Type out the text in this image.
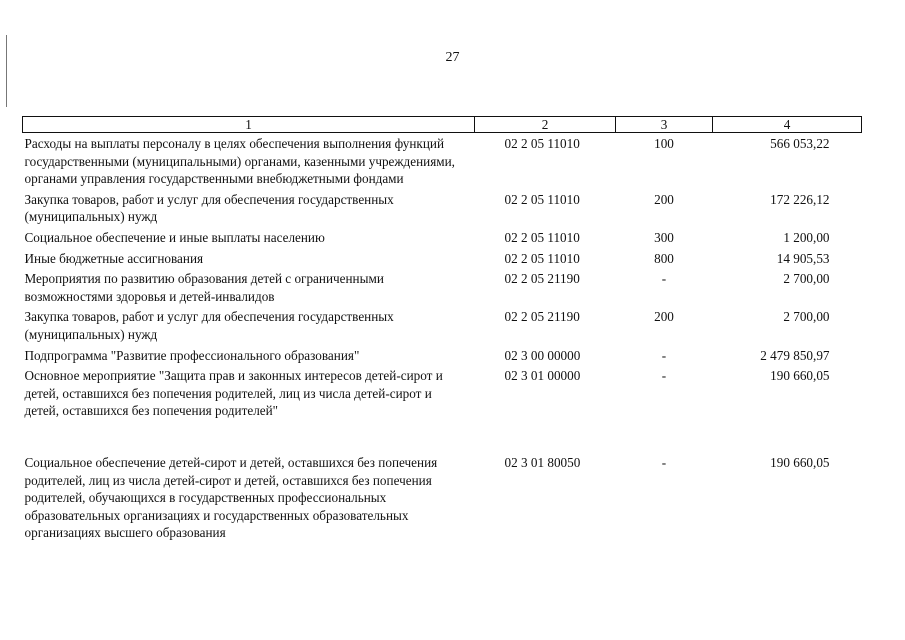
27
1	2	3	4
Расходы на выплаты персоналу в целях обеспечения выполнения функций государственными (муниципальными) органами, казенными учреждениями, органами управления государственными внебюджетными фондами	02 2 05 11010	100	566 053,22
Закупка товаров, работ и услуг для обеспечения государственных (муниципальных) нужд	02 2 05 11010	200	172 226,12
Социальное обеспечение и иные выплаты населению	02 2 05 11010	300	1 200,00
Иные бюджетные ассигнования	02 2 05 11010	800	14 905,53
Мероприятия по развитию образования детей с ограниченными возможностями здоровья и детей-инвалидов	02 2 05 21190	-	2 700,00
Закупка товаров, работ и услуг для обеспечения государственных (муниципальных) нужд	02 2 05 21190	200	2 700,00
Подпрограмма "Развитие профессионального образования"	02 3 00 00000	-	2 479 850,97
Основное мероприятие "Защита прав и законных интересов детей-сирот и детей, оставшихся без попечения родителей, лиц из числа детей-сирот и детей, оставшихся без попечения родителей"	02 3 01 00000	-	190 660,05
Социальное обеспечение детей-сирот и детей, оставшихся без попечения родителей, лиц из числа детей-сирот и детей, оставшихся без попечения родителей, обучающихся в государственных профессиональных образовательных организациях и государственных образовательных организациях высшего образования	02 3 01 80050	-	190 660,05
